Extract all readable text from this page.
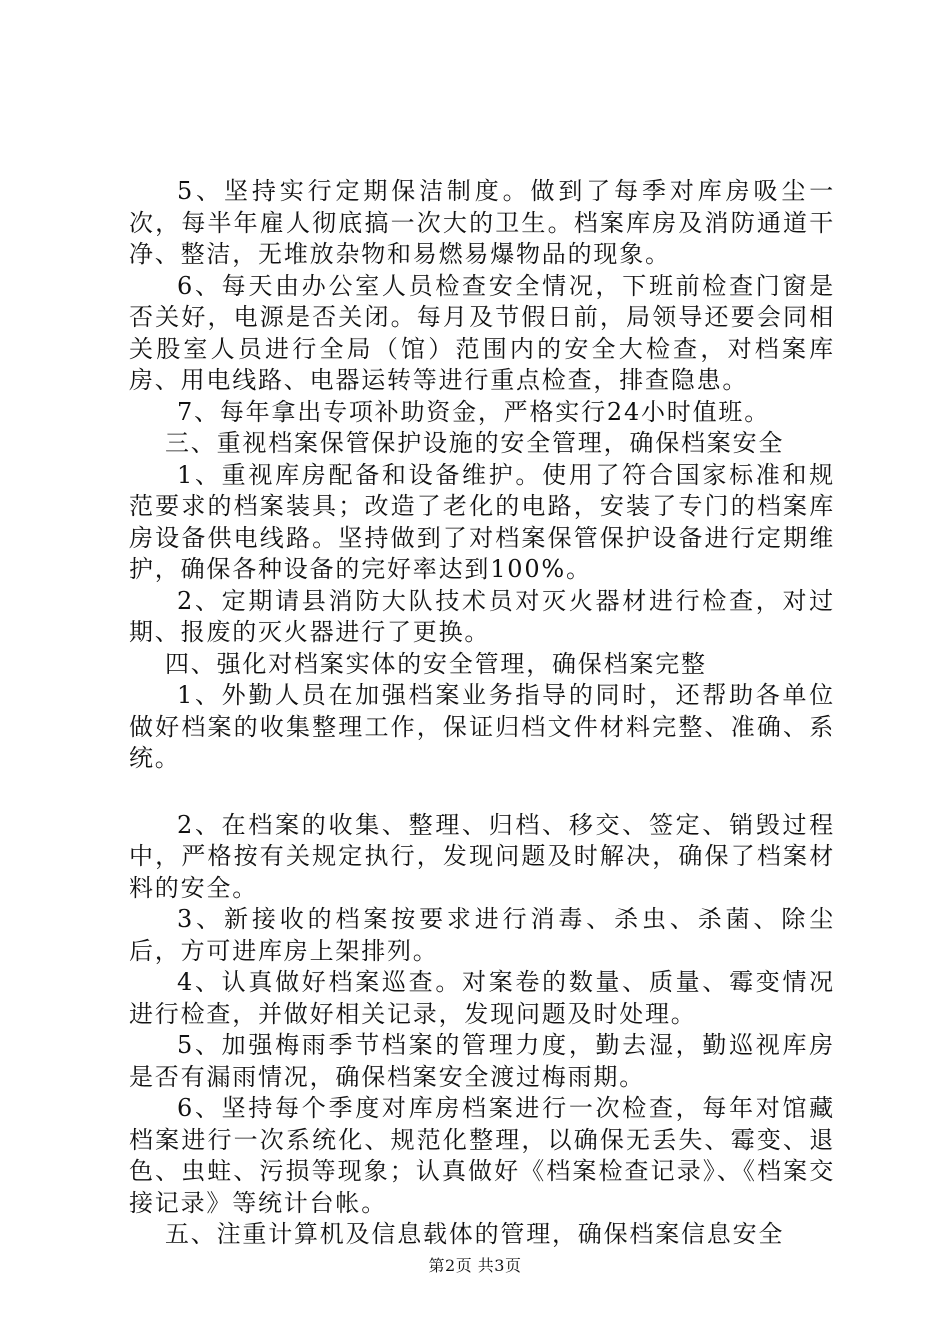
5、坚持实行定期保洁制度。做到了每季对库房吸尘一次，每半年雇人彻底搞一次大的卫生。档案库房及消防通道干净、整洁，无堆放杂物和易燃易爆物品的现象。

6、每天由办公室人员检查安全情况，下班前检查门窗是否关好，电源是否关闭。每月及节假日前，局领导还要会同相关股室人员进行全局（馆）范围内的安全大检查，对档案库房、用电线路、电器运转等进行重点检查，排查隐患。

7、每年拿出专项补助资金，严格实行24小时值班。

三、重视档案保管保护设施的安全管理，确保档案安全

1、重视库房配备和设备维护。使用了符合国家标准和规范要求的档案装具；改造了老化的电路，安装了专门的档案库房设备供电线路。坚持做到了对档案保管保护设备进行定期维护，确保各种设备的完好率达到100%。

2、定期请县消防大队技术员对灭火器材进行检查，对过期、报废的灭火器进行了更换。

四、强化对档案实体的安全管理，确保档案完整

1、外勤人员在加强档案业务指导的同时，还帮助各单位做好档案的收集整理工作，保证归档文件材料完整、准确、系统。

2、在档案的收集、整理、归档、移交、签定、销毁过程中，严格按有关规定执行，发现问题及时解决，确保了档案材料的安全。

3、新接收的档案按要求进行消毒、杀虫、杀菌、除尘后，方可进库房上架排列。

4、认真做好档案巡查。对案卷的数量、质量、霉变情况进行检查，并做好相关记录，发现问题及时处理。

5、加强梅雨季节档案的管理力度，勤去湿，勤巡视库房是否有漏雨情况，确保档案安全渡过梅雨期。

6、坚持每个季度对库房档案进行一次检查，每年对馆藏档案进行一次系统化、规范化整理，以确保无丢失、霉变、退色、虫蛀、污损等现象；认真做好《档案检查记录》、《档案交接记录》等统计台帐。

五、注重计算机及信息载体的管理，确保档案信息安全

第2页 共3页
